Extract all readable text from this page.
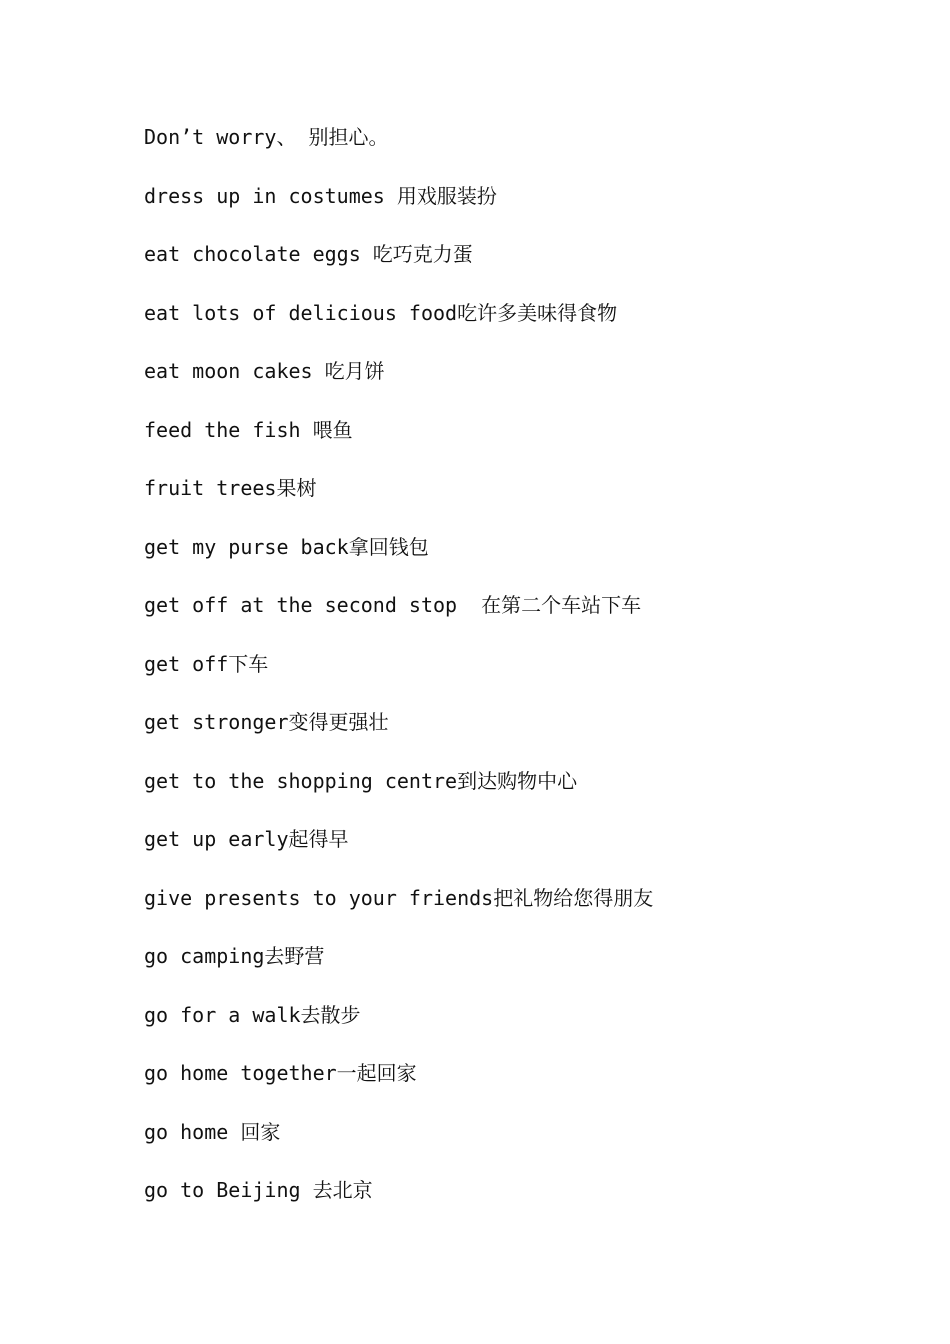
Don’t worry、 别担心。
dress up in costumes 用戏服装扮
eat chocolate eggs 吃巧克力蛋
eat lots of delicious food吃许多美味得食物
eat moon cakes 吃月饼
feed the fish 喂鱼
fruit trees果树
get my purse back拿回钱包
get off at the second stop  在第二个车站下车
get off下车
get stronger变得更强壮
get to the shopping centre到达购物中心
get up early起得早
give presents to your friends把礼物给您得朋友
go camping去野营
go for a walk去散步
go home together一起回家
go home 回家
go to Beijing 去北京
